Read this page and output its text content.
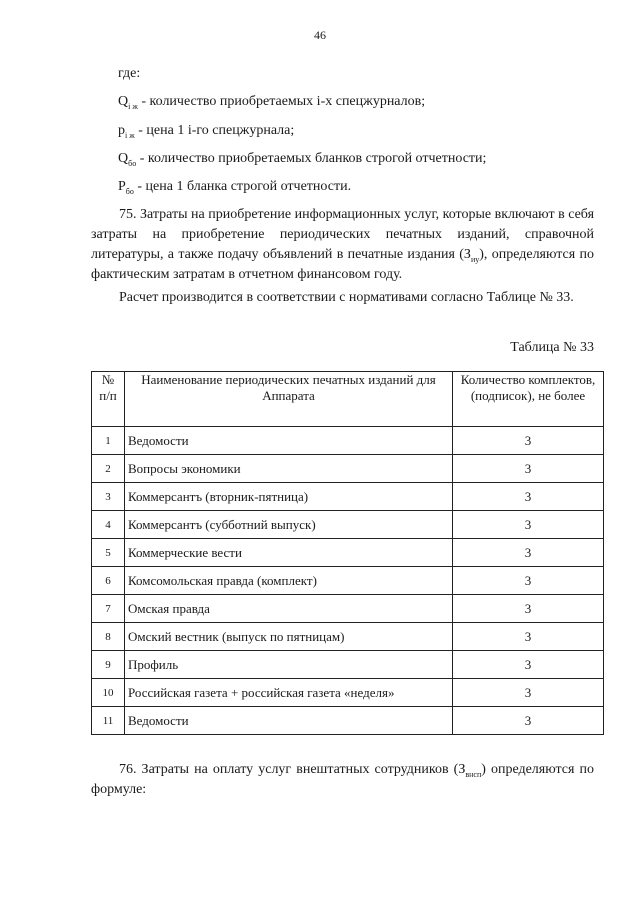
46
где:
$Q_{i ж}$ - количество приобретаемых i-х спецжурналов;
$p_{i ж}$ - цена 1 i-го спецжурнала;
$Q_{бо}$ - количество приобретаемых бланков строгой отчетности;
$P_{бо}$ - цена 1 бланка строгой отчетности.
75. Затраты на приобретение информационных услуг, которые включают в себя затраты на приобретение периодических печатных изданий, справочной литературы, а также подачу объявлений в печатные издания $(З_{иу})$, определяются по фактическим затратам в отчетном финансовом году.
Расчет производится в соответствии с нормативами согласно Таблице № 33.
Таблица № 33
№ п/п	Наименование периодических печатных изданий для Аппарата	Количество комплектов, (подписок), не более
1	Ведомости	3
2	Вопросы экономики	3
3	Коммерсантъ (вторник-пятница)	3
4	Коммерсантъ (субботний выпуск)	3
5	Коммерческие вести	3
6	Комсомольская правда (комплект)	3
7	Омская правда	3
8	Омский вестник (выпуск по пятницам)	3
9	Профиль	3
10	Российская газета + российская газета «неделя»	3
11	Ведомости	3
76. Затраты на оплату услуг внештатных сотрудников $(З_{внсп})$ определяются по формуле:
